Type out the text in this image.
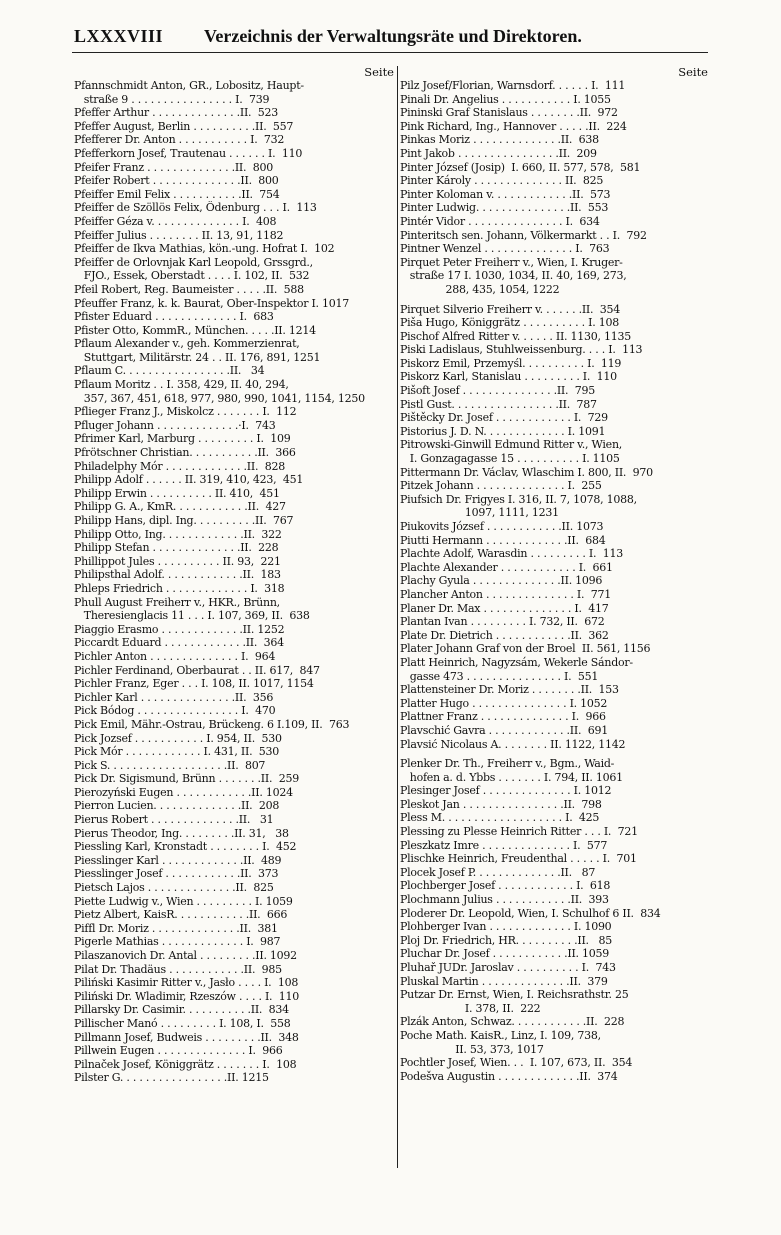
LXXXVIII Verzeichnis der Verwaltungsräte und Direktoren.
Seite
Pfannschmidt Anton, GR., Lobositz, Haupt-
straße 9 . . . . . . . . . . . . . . . . I.  739
Pfeffer Arthur . . . . . . . . . . . . . .II.  523
Pfeffer August, Berlin . . . . . . . . . .II.  557
Pfefferer Dr. Anton . . . . . . . . . . . I.  732
Pfefferkorn Josef, Trautenau . . . . . . I.  110
Pfeifer Franz . . . . . . . . . . . . . .II.  800
Pfeifer Robert . . . . . . . . . . . . . .II.  800
Pfeiffer Emil Felix . . . . . . . . . . .II.  754
Pfeiffer de Szöllös Felix, Ödenburg . . . I.  113
Pfeiffer Géza v. . . . . . . . . . . . . . I.  408
Pfeiffer Julius . . . . . . . . II. 13, 91, 1182
Pfeiffer de Ikva Mathias, kön.-ung. Hofrat I.  102
Pfeiffer de Orlovnjak Karl Leopold, Grssgrd.,
FJO., Essek, Oberstadt . . . . I. 102, II.  532
Pfeil Robert, Reg. Baumeister . . . . .II.  588
Pfeuffer Franz, k. k. Baurat, Ober-Inspektor I. 1017
Pfister Eduard . . . . . . . . . . . . . I.  683
Pfister Otto, KommR., München. . . . .II. 1214
Pflaum Alexander v., geh. Kommerzienrat,
Stuttgart, Militärstr. 24 . . II. 176, 891, 1251
Pflaum C. . . . . . . . . . . . . . . . .II.   34
Pflaum Moritz . . I. 358, 429, II. 40, 294,
357, 367, 451, 618, 977, 980, 990, 1041, 1154, 1250
Pflieger Franz J., Miskolcz . . . . . . . I.  112
Pfluger Johann . . . . . . . . . . . . .·I.  743
Pfrimer Karl, Marburg . . . . . . . . . I.  109
Pfrötschner Christian. . . . . . . . . . .II.  366
Philadelphy Mór . . . . . . . . . . . . .II.  828
Philipp Adolf . . . . . . II. 319, 410, 423,  451
Philipp Erwin . . . . . . . . . . II. 410,  451
Philipp G. A., KmR. . . . . . . . . . . .II.  427
Philipp Hans, dipl. Ing. . . . . . . . . .II.  767
Philipp Otto, Ing. . . . . . . . . . . . .II.  322
Philipp Stefan . . . . . . . . . . . . . .II.  228
Phillippot Jules . . . . . . . . . . II. 93,  221
Philipsthal Adolf. . . . . . . . . . . . .II.  183
Phleps Friedrich . . . . . . . . . . . . . I.  318
Phull August Freiherr v., HKR., Brünn,
Theresienglacis 11 . . . I. 107, 369, II.  638
Piaggio Erasmo . . . . . . . . . . . . .II. 1252
Piccardt Eduard . . . . . . . . . . . . .II.  364
Pichler Anton . . . . . . . . . . . . . . I.  964
Pichler Ferdinand, Oberbaurat . . II. 617,  847
Pichler Franz, Eger . . . I. 108, II. 1017, 1154
Pichler Karl . . . . . . . . . . . . . . .II.  356
Pick Bódog . . . . . . . . . . . . . . . . I.  470
Pick Emil, Mähr.-Ostrau, Brückeng. 6 I.109, II.  763
Pick Jozsef . . . . . . . . . . . I. 954, II.  530
Pick Mór . . . . . . . . . . . . I. 431, II.  530
Pick S. . . . . . . . . . . . . . . . . . .II.  807
Pick Dr. Sigismund, Brünn . . . . . . .II.  259
Pierozyński Eugen . . . . . . . . . . . .II. 1024
Pierron Lucien. . . . . . . . . . . . . .II.  208
Pierus Robert . . . . . . . . . . . . . .II.   31
Pierus Theodor, Ing. . . . . . . . .II. 31,   38
Piessling Karl, Kronstadt . . . . . . . . I.  452
Piesslinger Karl . . . . . . . . . . . . .II.  489
Piesslinger Josef . . . . . . . . . . . .II.  373
Pietsch Lajos . . . . . . . . . . . . . .II.  825
Piette Ludwig v., Wien . . . . . . . . . I. 1059
Pietz Albert, KaisR. . . . . . . . . . . .II.  666
Piffl Dr. Moriz . . . . . . . . . . . . . .II.  381
Pigerle Mathias . . . . . . . . . . . . . I.  987
Pilaszanovich Dr. Antal . . . . . . . . .II. 1092
Pilat Dr. Thadäus . . . . . . . . . . . .II.  985
Piliński Kasimir Ritter v., Jasło . . . . I.  108
Piliński Dr. Wladimir, Rzeszów . . . . I.  110
Pillarsky Dr. Casimir. . . . . . . . . . .II.  834
Pillischer Manó . . . . . . . . . I. 108, I.  558
Pillmann Josef, Budweis . . . . . . . . .II.  348
Pillwein Eugen . . . . . . . . . . . . . . I.  966
Pilnaček Josef, Königgrätz . . . . . . . I.  108
Pilster G. . . . . . . . . . . . . . . . .II. 1215
Seite
Pilz Josef/Florian, Warnsdorf. . . . . . I.  111
Pinali Dr. Angelius . . . . . . . . . . . I. 1055
Pininski Graf Stanislaus . . . . . . . .II.  972
Pink Richard, Ing., Hannover . . . . .II.  224
Pinkas Moriz . . . . . . . . . . . . . .II.  638
Pint Jakob . . . . . . . . . . . . . . . .II.  209
Pinter József (Josip)  I. 660, II. 577, 578,  581
Pinter Károly . . . . . . . . . . . . . . II.  825
Pinter Koloman v. . . . . . . . . . . . .II.  573
Pinter Ludwig. . . . . . . . . . . . . . .II.  553
Pintér Vidor . . . . . . . . . . . . . . . I.  634
Pinteritsch sen. Johann, Völkermarkt . . I.  792
Pintner Wenzel . . . . . . . . . . . . . . I.  763
Pirquet Peter Freiherr v., Wien, I. Kruger-
straße 17 I. 1030, 1034, II. 40, 169, 273,
288, 435, 1054, 1222
Pirquet Silverio Freiherr v. . . . . . .II.  354
Piša Hugo, Königgrätz . . . . . . . . . . I. 108
Pischof Alfred Ritter v. . . . . . II. 1130, 1135
Piski Ladislaus, Stuhlweissenburg. . . . I.  113
Piskorz Emil, Przemyśl. . . . . . . . . . I.  119
Piskorz Karl, Stanislau . . . . . . . . . I.  110
Pišoft Josef . . . . . . . . . . . . . . .II.  795
Pistl Gust. . . . . . . . . . . . . . . . .II.  787
Pištěcky Dr. Josef . . . . . . . . . . . . I.  729
Pistorius J. D. N. . . . . . . . . . . . . I. 1091
Pitrowski-Ginwill Edmund Ritter v., Wien,
I. Gonzagagasse 15 . . . . . . . . . . I. 1105
Pittermann Dr. Václav, Wlaschim I. 800, II.  970
Pitzek Johann . . . . . . . . . . . . . . I.  255
Piufsich Dr. Frigyes I. 316, II. 7, 1078, 1088,
1097, 1111, 1231
Piukovits József . . . . . . . . . . . .II. 1073
Piutti Hermann . . . . . . . . . . . . .II.  684
Plachte Adolf, Warasdin . . . . . . . . . I.  113
Plachte Alexander . . . . . . . . . . . . I.  661
Plachy Gyula . . . . . . . . . . . . . .II. 1096
Plancher Anton . . . . . . . . . . . . . . I.  771
Planer Dr. Max . . . . . . . . . . . . . . I.  417
Plantan Ivan . . . . . . . . . I. 732, II.  672
Plate Dr. Dietrich . . . . . . . . . . . .II.  362
Plater Johann Graf von der Broel  II. 561, 1156
Platt Heinrich, Nagyzsám, Wekerle Sándor-
gasse 473 . . . . . . . . . . . . . . . I.  551
Plattensteiner Dr. Moriz . . . . . . . .II.  153
Platter Hugo . . . . . . . . . . . . . . . I. 1052
Plattner Franz . . . . . . . . . . . . . . I.  966
Plavschić Gavra . . . . . . . . . . . . .II.  691
Plavsić Nicolaus A. . . . . . . . II. 1122, 1142
Plenker Dr. Th., Freiherr v., Bgm., Waid-
hofen a. d. Ybbs . . . . . . . I. 794, II. 1061
Plesinger Josef . . . . . . . . . . . . . . I. 1012
Pleskot Jan . . . . . . . . . . . . . . . .II.  798
Pless M. . . . . . . . . . . . . . . . . . . I.  425
Plessing zu Plesse Heinrich Ritter . . . I.  721
Pleszkatz Imre . . . . . . . . . . . . . . I.  577
Plischke Heinrich, Freudenthal . . . . . I.  701
Plocek Josef P. . . . . . . . . . . . . .II.   87
Plochberger Josef . . . . . . . . . . . . I.  618
Plochmann Julius . . . . . . . . . . . .II.  393
Ploderer Dr. Leopold, Wien, I. Schulhof 6 II.  834
Plohberger Ivan . . . . . . . . . . . . . I. 1090
Ploj Dr. Friedrich, HR. . . . . . . . . .II.   85
Pluchar Dr. Josef . . . . . . . . . . . .II. 1059
Pluhař JUDr. Jaroslav . . . . . . . . . . I.  743
Pluskal Martin . . . . . . . . . . . . . .II.  379
Putzar Dr. Ernst, Wien, I. Reichsrathstr. 25
I. 378, II.  222
Plzák Anton, Schwaz. . . . . . . . . . . .II.  228
Poche Math. KaisR., Linz, I. 109, 738,
II. 53, 373, 1017
Pochtler Josef, Wien. . .  I. 107, 673, II.  354
Podešva Augustin . . . . . . . . . . . . .II.  374
